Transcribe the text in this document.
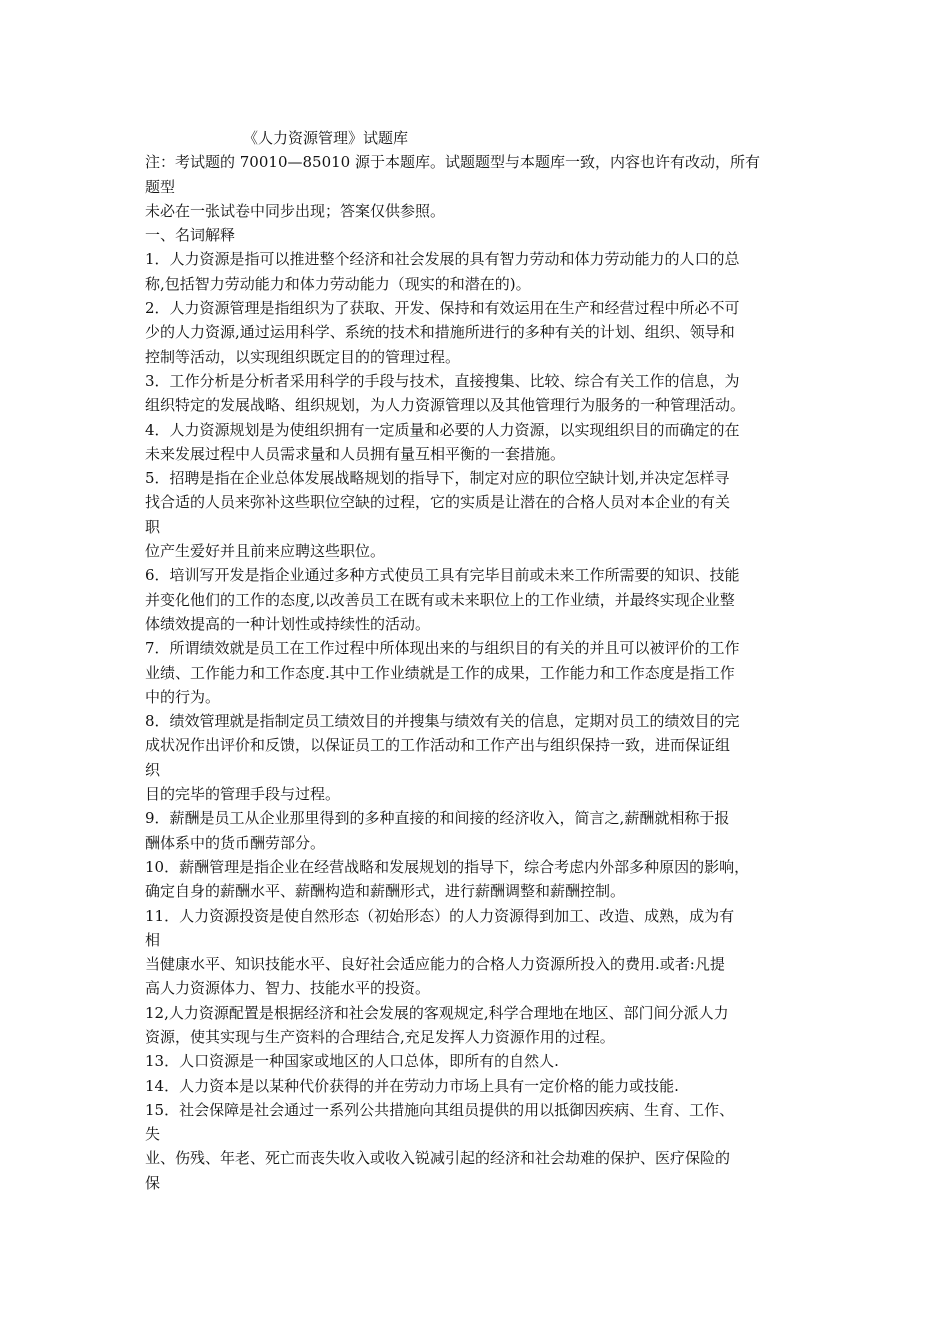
《人力资源管理》试题库
注：考试题的 70010—85010 源于本题库。试题题型与本题库一致，内容也许有改动，所有
题型
未必在一张试卷中同步出现；答案仅供参照。
一、名词解释
1．人力资源是指可以推进整个经济和社会发展的具有智力劳动和体力劳动能力的人口的总
称,包括智力劳动能力和体力劳动能力（现实的和潜在的)。
2．人力资源管理是指组织为了获取、开发、保持和有效运用在生产和经营过程中所必不可
少的人力资源,通过运用科学、系统的技术和措施所进行的多种有关的计划、组织、领导和
控制等活动，以实现组织既定目的的管理过程。
3．工作分析是分析者采用科学的手段与技术，直接搜集、比较、综合有关工作的信息，为
组织特定的发展战略、组织规划，为人力资源管理以及其他管理行为服务的一种管理活动。
4．人力资源规划是为使组织拥有一定质量和必要的人力资源，以实现组织目的而确定的在
未来发展过程中人员需求量和人员拥有量互相平衡的一套措施。
5．招聘是指在企业总体发展战略规划的指导下，制定对应的职位空缺计划,并决定怎样寻
找合适的人员来弥补这些职位空缺的过程，它的实质是让潜在的合格人员对本企业的有关
职
位产生爱好并且前来应聘这些职位。
6．培训写开发是指企业通过多种方式使员工具有完毕目前或未来工作所需要的知识、技能
并变化他们的工作的态度,以改善员工在既有或未来职位上的工作业绩，并最终实现企业整
体绩效提高的一种计划性或持续性的活动。
7．所谓绩效就是员工在工作过程中所体现出来的与组织目的有关的并且可以被评价的工作
业绩、工作能力和工作态度.其中工作业绩就是工作的成果，工作能力和工作态度是指工作
中的行为。
8．绩效管理就是指制定员工绩效目的并搜集与绩效有关的信息，定期对员工的绩效目的完
成状况作出评价和反馈，以保证员工的工作活动和工作产出与组织保持一致，进而保证组
织
目的完毕的管理手段与过程。
9．薪酬是员工从企业那里得到的多种直接的和间接的经济收入，简言之,薪酬就相称于报
酬体系中的货币酬劳部分。
10．薪酬管理是指企业在经营战略和发展规划的指导下，综合考虑内外部多种原因的影响，
确定自身的薪酬水平、薪酬构造和薪酬形式，进行薪酬调整和薪酬控制。
11．人力资源投资是使自然形态（初始形态）的人力资源得到加工、改造、成熟，成为有
相
当健康水平、知识技能水平、良好社会适应能力的合格人力资源所投入的费用.或者:凡提
高人力资源体力、智力、技能水平的投资。
12,人力资源配置是根据经济和社会发展的客观规定,科学合理地在地区、部门间分派人力
资源，使其实现与生产资料的合理结合,充足发挥人力资源作用的过程。
13．人口资源是一种国家或地区的人口总体，即所有的自然人.
14．人力资本是以某种代价获得的并在劳动力市场上具有一定价格的能力或技能.
15．社会保障是社会通过一系列公共措施向其组员提供的用以抵御因疾病、生育、工作、
失
业、伤残、年老、死亡而丧失收入或收入锐减引起的经济和社会劫难的保护、医疗保险的
保
